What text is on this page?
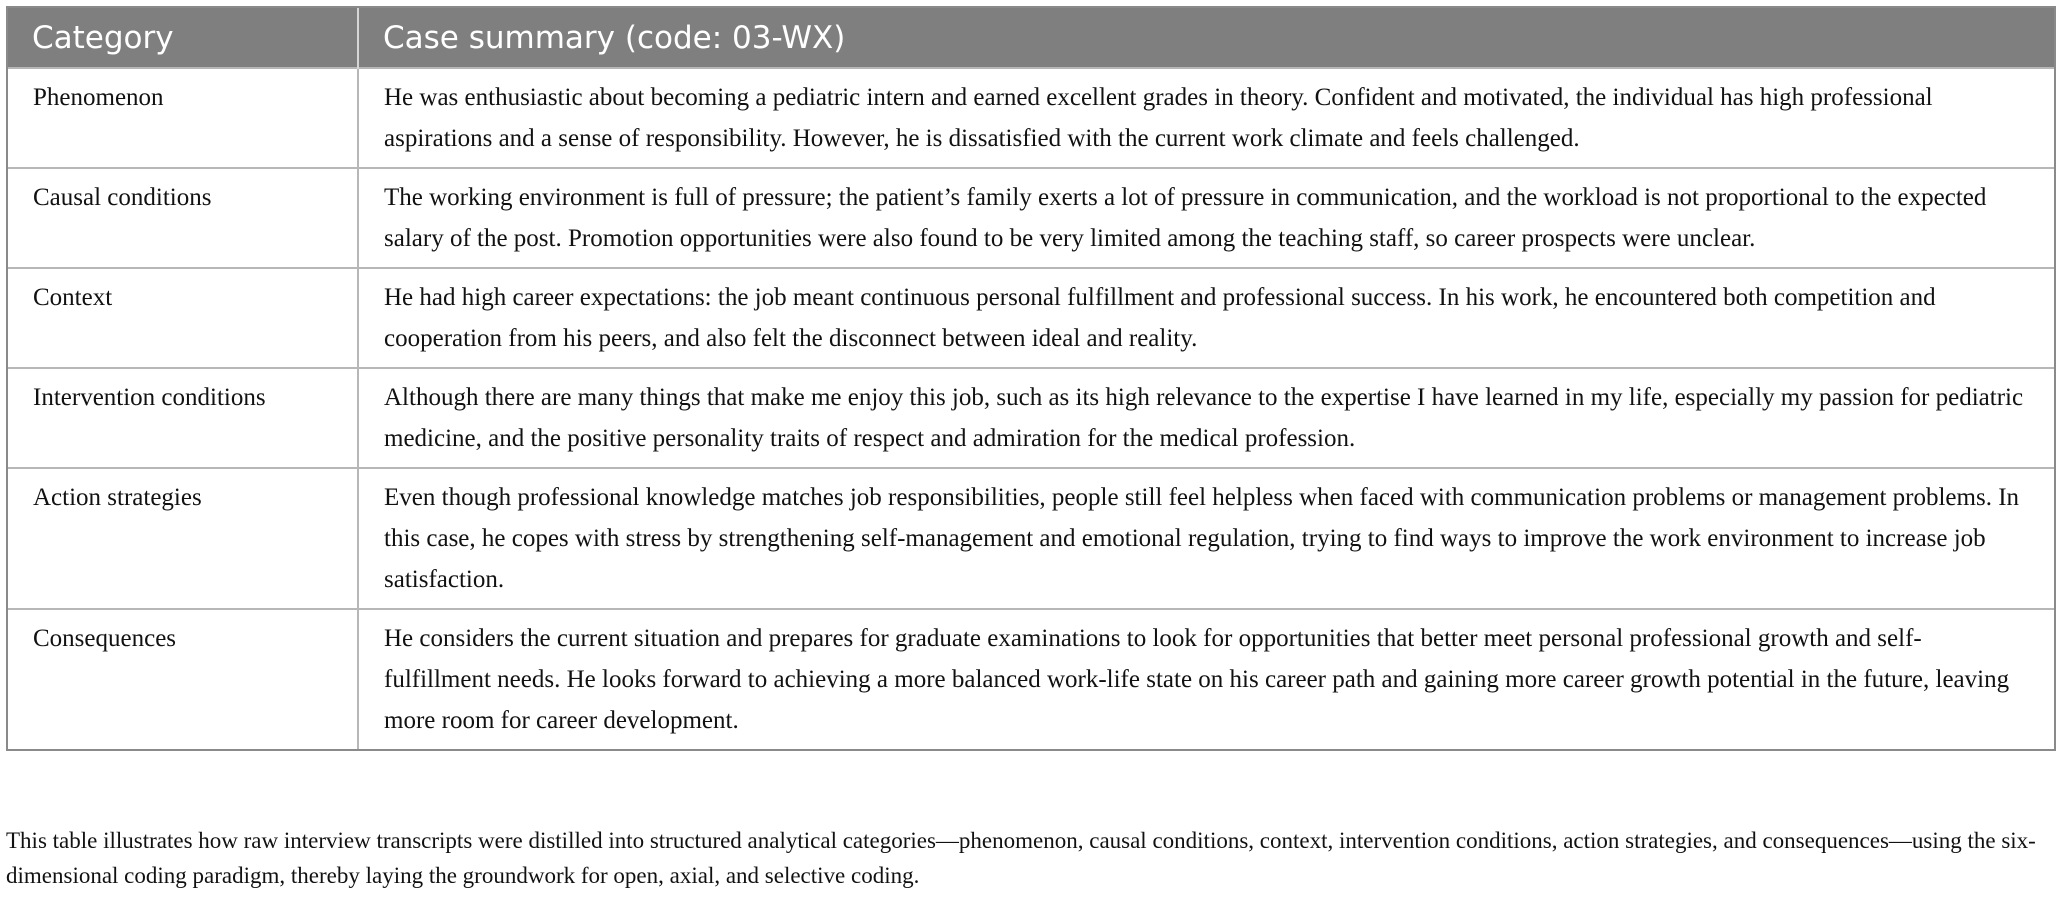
Category	Case summary (code: 03-WX)
Phenomenon	He was enthusiastic about becoming a pediatric intern and earned excellent grades in theory. Confident and motivated, the individual has high professional aspirations and a sense of responsibility. However, he is dissatisfied with the current work climate and feels challenged.
Causal conditions	The working environment is full of pressure; the patient’s family exerts a lot of pressure in communication, and the workload is not proportional to the expected salary of the post. Promotion opportunities were also found to be very limited among the teaching staff, so career prospects were unclear.
Context	He had high career expectations: the job meant continuous personal fulfillment and professional success. In his work, he encountered both competition and cooperation from his peers, and also felt the disconnect between ideal and reality.
Intervention conditions	Although there are many things that make me enjoy this job, such as its high relevance to the expertise I have learned in my life, especially my passion for pediatric medicine, and the positive personality traits of respect and admiration for the medical profession.
Action strategies	Even though professional knowledge matches job responsibilities, people still feel helpless when faced with communication problems or management problems. In this case, he copes with stress by strengthening self-management and emotional regulation, trying to find ways to improve the work environment to increase job satisfaction.
Consequences	He considers the current situation and prepares for graduate examinations to look for opportunities that better meet personal professional growth and self-fulfillment needs. He looks forward to achieving a more balanced work-life state on his career path and gaining more career growth potential in the future, leaving more room for career development.
This table illustrates how raw interview transcripts were distilled into structured analytical categories—phenomenon, causal conditions, context, intervention conditions, action strategies, and consequences—using the six-dimensional coding paradigm, thereby laying the groundwork for open, axial, and selective coding.
